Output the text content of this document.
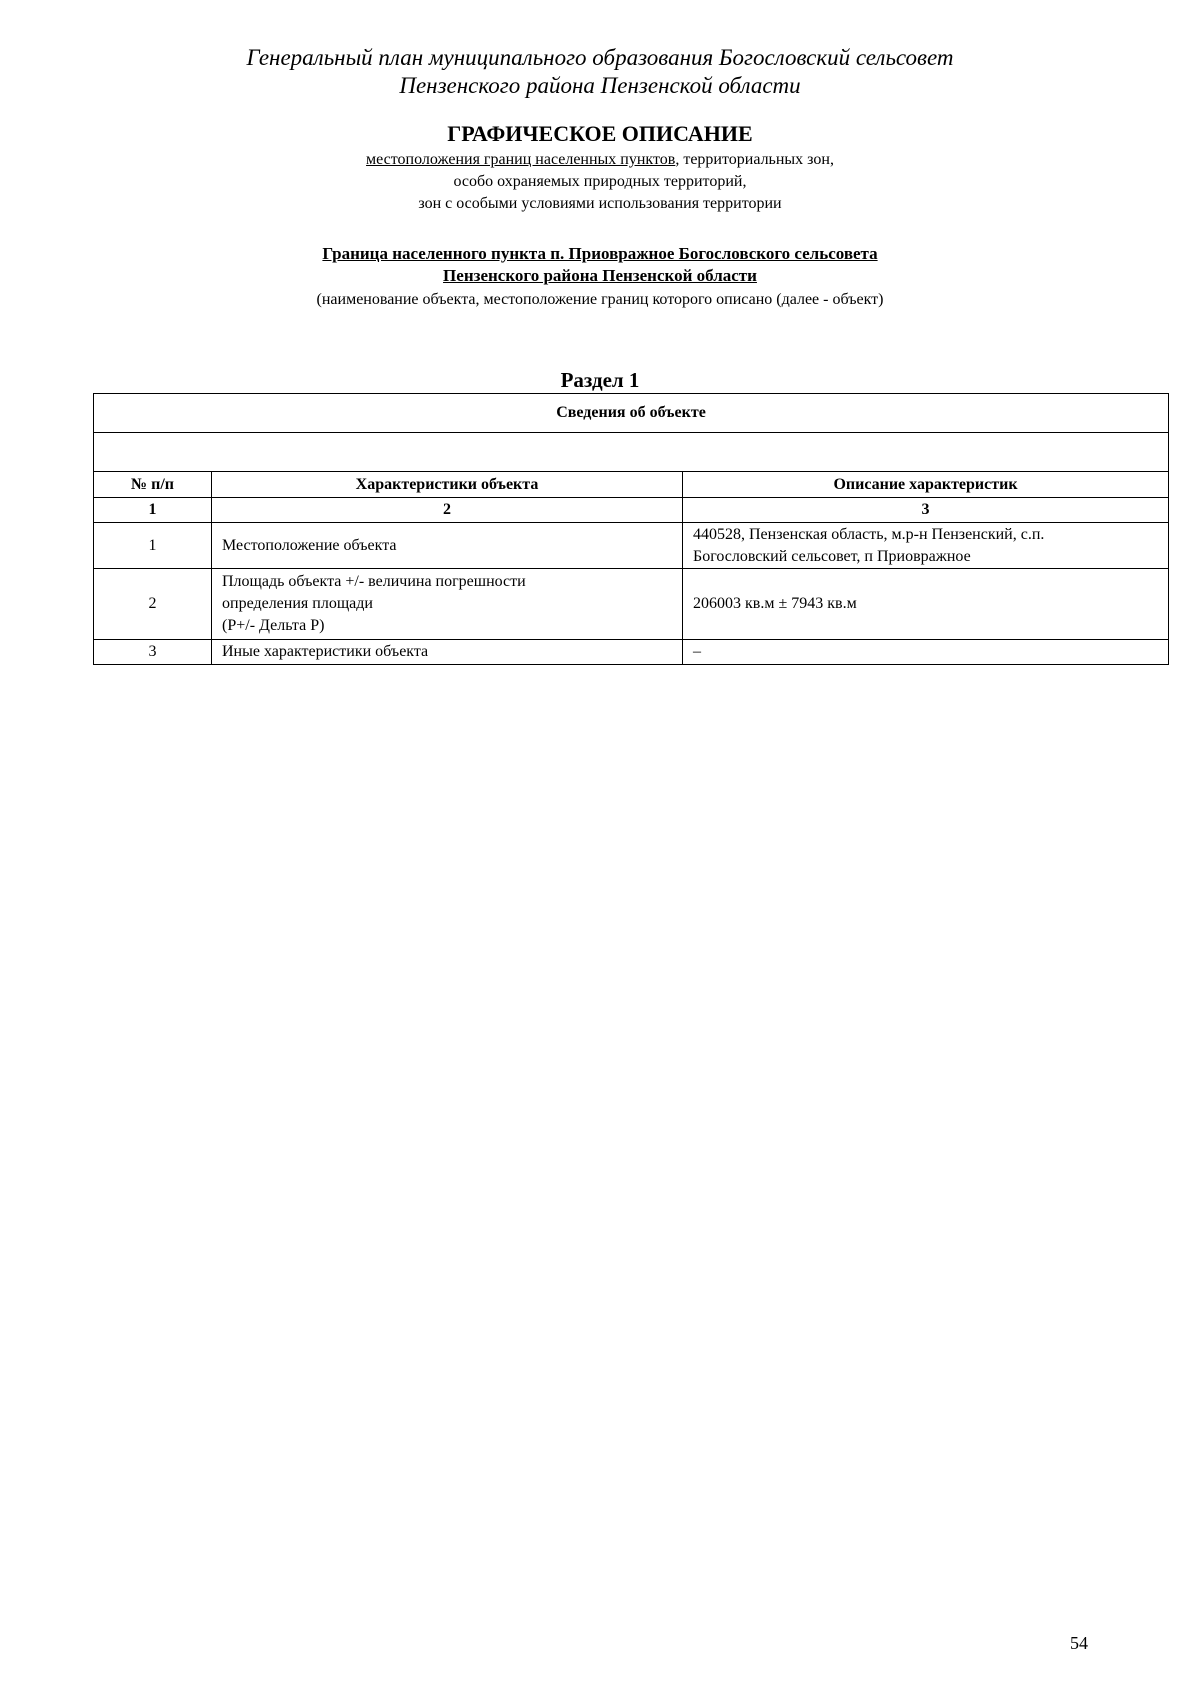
Генеральный план муниципального образования Богословский сельсовет
Пензенского района Пензенской области
ГРАФИЧЕСКОЕ ОПИСАНИЕ
местоположения границ населенных пунктов, территориальных зон,
особо охраняемых природных территорий,
зон с особыми условиями использования территории
Граница населенного пункта п. Приовражное Богословского сельсовета
Пензенского района Пензенской области
(наименование объекта, местоположение границ которого описано (далее - объект)
Раздел 1
Сведения об объекте		

№ п/п	Характеристики объекта	Описание характеристик
1	2	3
1	Местоположение объекта	440528, Пензенская область, м.р-н Пензенский, с.п.
Богословский сельсовет, п Приовражное

2	Площадь объекта +/- величина погрешности
определения площади
(P+/- Дельта P)	206003 кв.м ± 7943 кв.м

3	Иные характеристики объекта	–
54
